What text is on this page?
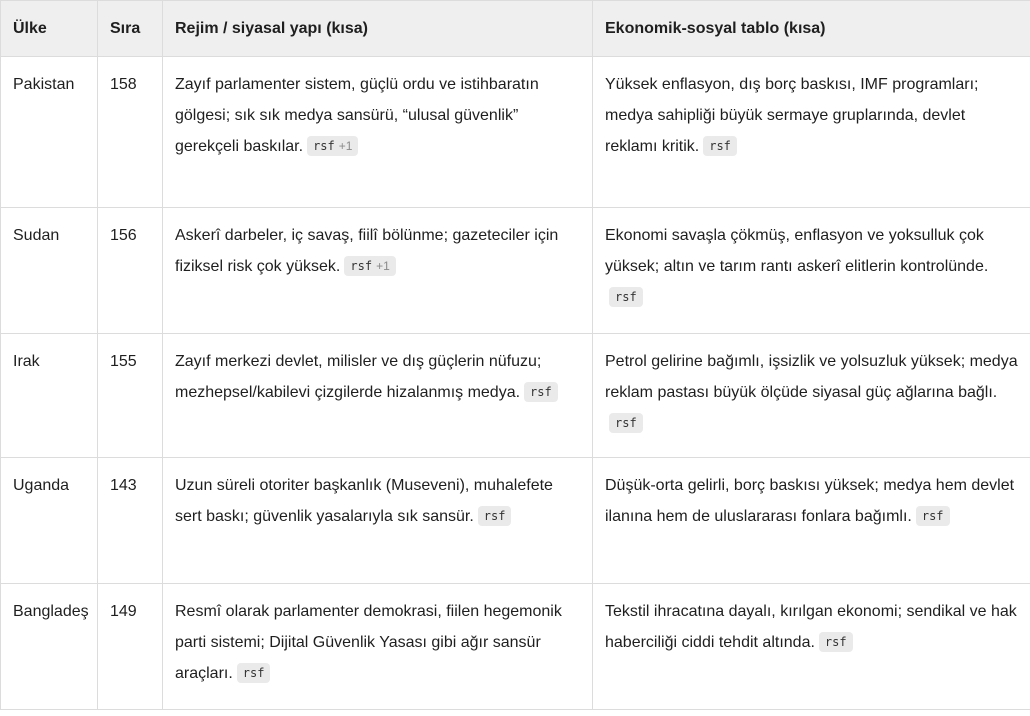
Ülke	Sıra	Rejim / siyasal yapı (kısa)	Ekonomik-sosyal tablo (kısa)
Pakistan	158	Zayıf parlamenter sistem, güçlü ordu ve istihbaratın gölgesi; sık sık medya sansürü, “ulusal güvenlik” gerekçeli baskılar. rsf +1	Yüksek enflasyon, dış borç baskısı, IMF programları; medya sahipliği büyük sermaye gruplarında, devlet reklamı kritik. rsf
Sudan	156	Askerî darbeler, iç savaş, fiilî bölünme; gazeteciler için fiziksel risk çok yüksek. rsf +1	Ekonomi savaşla çökmüş, enflasyon ve yoksulluk çok yüksek; altın ve tarım rantı askerî elitlerin kontrolünde.rsf
Irak	155	Zayıf merkezi devlet, milisler ve dış güçlerin nüfuzu; mezhepsel/kabilevi çizgilerde hizalanmış medya. rsf	Petrol gelirine bağımlı, işsizlik ve yolsuzluk yüksek; medya reklam pastası büyük ölçüde siyasal güç ağlarına bağlı.rsf
Uganda	143	Uzun süreli otoriter başkanlık (Museveni), muhalefete sert baskı; güvenlik yasalarıyla sık sansür. rsf	Düşük-orta gelirli, borç baskısı yüksek; medya hem devlet ilanına hem de uluslararası fonlara bağımlı. rsf
Bangladeş	149	Resmî olarak parlamenter demokrasi, fiilen hegemonik parti sistemi; Dijital Güvenlik Yasası gibi ağır sansür araçları. rsf	Tekstil ihracatına dayalı, kırılgan ekonomi; sendikal ve hak haberciliği ciddi tehdit altında. rsf
